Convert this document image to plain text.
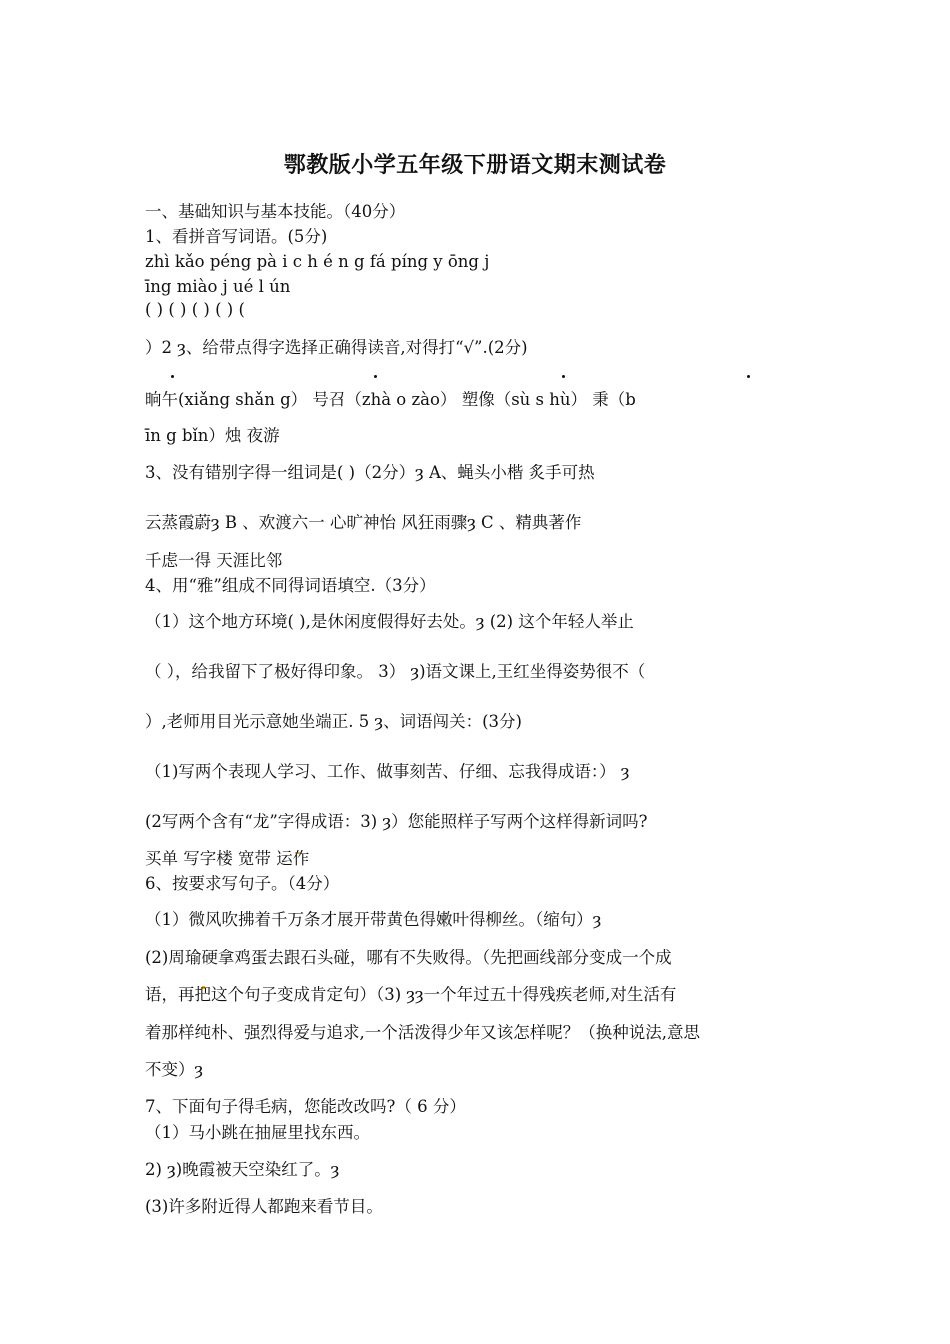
鄂教版小学五年级下册语文期末测试卷
一、基础知识与基本技能。（40分）
1、看拼音写词语。(5分)
zhì kǎo péng pà i c h é n g fá píng y ōng j
īng miào j ué l ún
( ) ( ) ( ) ( ) (
）2 ȝ、给带点得字选择正确得读音,对得打“√”.(2分)
晌午(xiǎng shǎn g） 号召（zhà o zào） 塑像（sù s hù） 秉（b
īn g bǐn）烛 夜游
3、没有错别字得一组词是( )（2分）ȝ A、蝇头小楷 炙手可热
云蒸霞蔚ȝ B 、欢渡六一 心旷神怡 风狂雨骤ȝ C 、精典著作
千虑一得 天涯比邻
4、用“雅”组成不同得词语填空.（3分）
（1）这个地方环境( ),是休闲度假得好去处。ȝ (2) 这个年轻人举止
（ ），给我留下了极好得印象。 3） ȝ)语文课上,王红坐得姿势很不（
）,老师用目光示意她坐端正. 5 ȝ、词语闯关：(3分)
（1)写两个表现人学习、工作、做事刻苦、仔细、忘我得成语：） ȝ
(2写两个含有“龙”字得成语：3) ȝ）您能照样子写两个这样得新词吗?
买单 写字楼 宽带 运作
6、按要求写句子。（4分）
（1）微风吹拂着千万条才展开带黄色得嫩叶得柳丝。（缩句）ȝ
(2)周瑜硬拿鸡蛋去跟石头碰，哪有不失败得。（先把画线部分变成一个成
语，再把这个句子变成肯定句）（3) ȝȝ一个年过五十得残疾老师,对生活有
着那样纯朴、强烈得爱与追求,一个活泼得少年又该怎样呢？（换种说法,意思
不变）ȝ
7、下面句子得毛病，您能改改吗?（ 6 分）
（1）马小跳在抽屉里找东西。
2) ȝ)晚霞被天空染红了。ȝ
(3)许多附近得人都跑来看节目。
